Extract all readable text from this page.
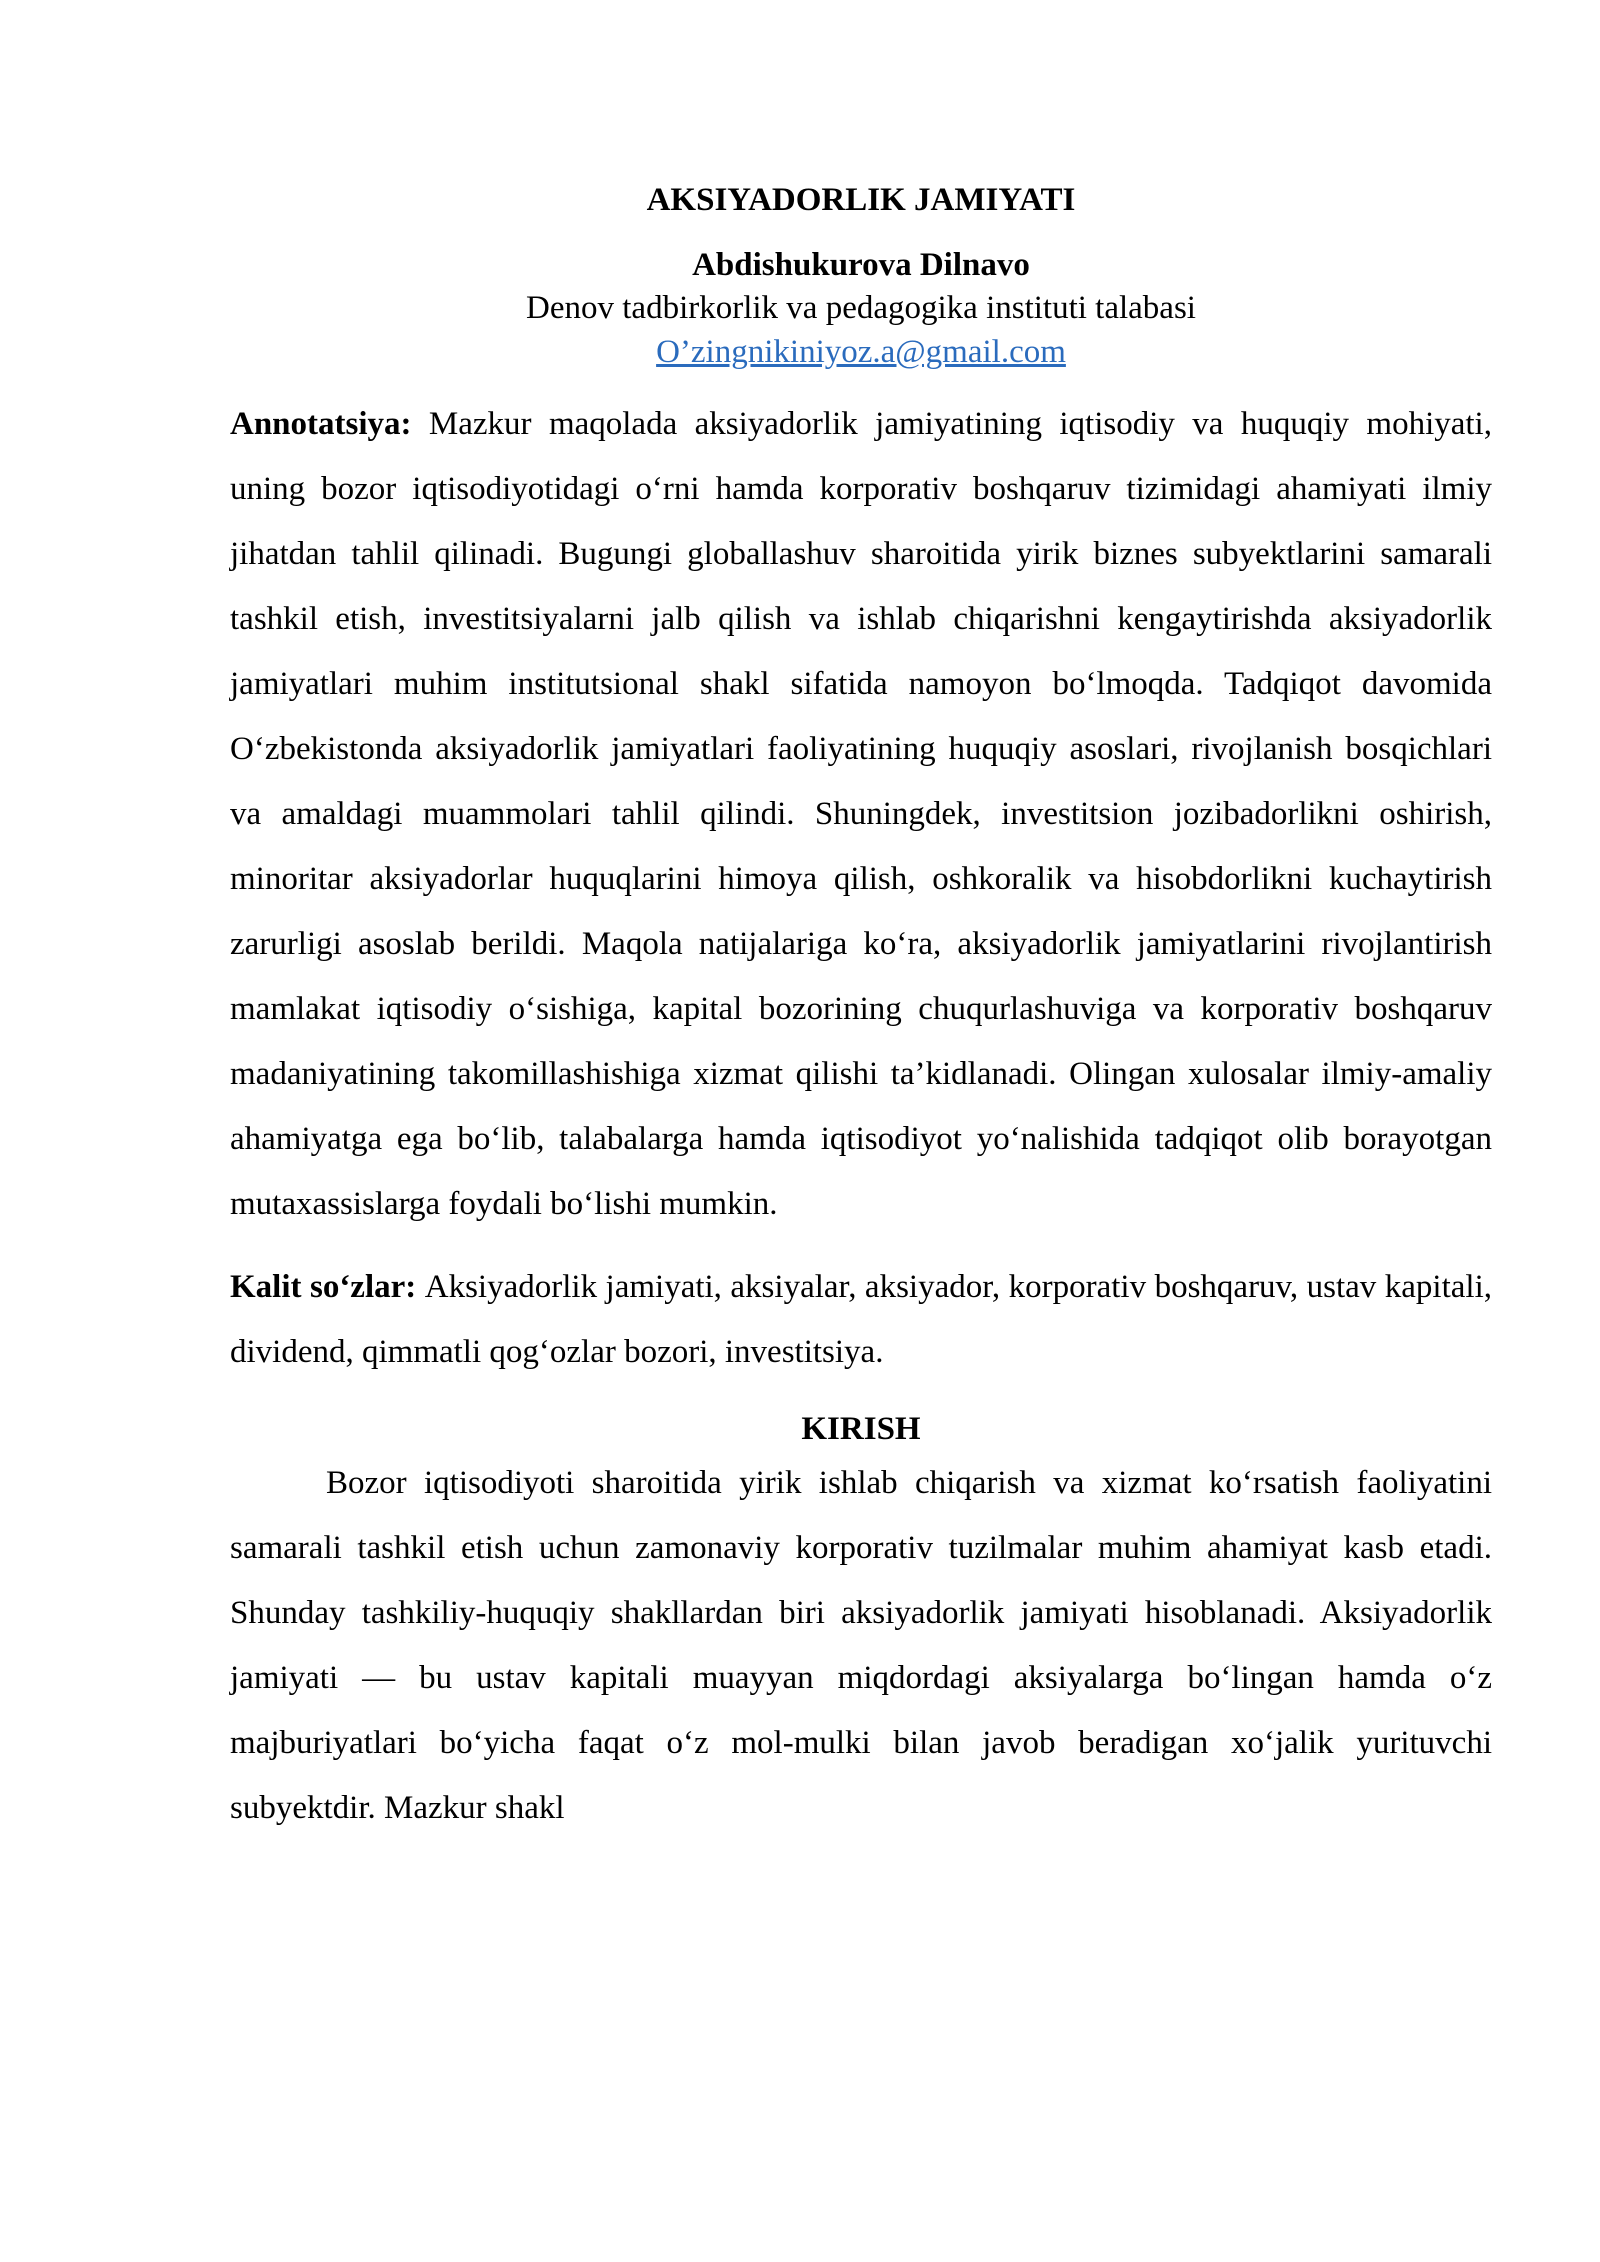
AKSIYADORLIK JAMIYATI

Abdishukurova Dilnavo

Denov tadbirkorlik va pedagogika instituti talabasi

O’zingnikiniyoz.a@gmail.com

Annotatsiya: Mazkur maqolada aksiyadorlik jamiyatining iqtisodiy va huquqiy mohiyati, uning bozor iqtisodiyotidagi o‘rni hamda korporativ boshqaruv tizimidagi ahamiyati ilmiy jihatdan tahlil qilinadi. Bugungi globallashuv sharoitida yirik biznes subyektlarini samarali tashkil etish, investitsiyalarni jalb qilish va ishlab chiqarishni kengaytirishda aksiyadorlik jamiyatlari muhim institutsional shakl sifatida namoyon bo‘lmoqda. Tadqiqot davomida O‘zbekistonda aksiyadorlik jamiyatlari faoliyatining huquqiy asoslari, rivojlanish bosqichlari va amaldagi muammolari tahlil qilindi. Shuningdek, investitsion jozibadorlikni oshirish, minoritar aksiyadorlar huquqlarini himoya qilish, oshkoralik va hisobdorlikni kuchaytirish zarurligi asoslab berildi. Maqola natijalariga ko‘ra, aksiyadorlik jamiyatlarini rivojlantirish mamlakat iqtisodiy o‘sishiga, kapital bozorining chuqurlashuviga va korporativ boshqaruv madaniyatining takomillashishiga xizmat qilishi ta’kidlanadi. Olingan xulosalar ilmiy-amaliy ahamiyatga ega bo‘lib, talabalarga hamda iqtisodiyot yo‘nalishida tadqiqot olib borayotgan mutaxassislarga foydali bo‘lishi mumkin.

Kalit so‘zlar: Aksiyadorlik jamiyati, aksiyalar, aksiyador, korporativ boshqaruv, ustav kapitali, dividend, qimmatli qog‘ozlar bozori, investitsiya.

KIRISH

Bozor iqtisodiyoti sharoitida yirik ishlab chiqarish va xizmat ko‘rsatish faoliyatini samarali tashkil etish uchun zamonaviy korporativ tuzilmalar muhim ahamiyat kasb etadi. Shunday tashkiliy-huquqiy shakllardan biri aksiyadorlik jamiyati hisoblanadi. Aksiyadorlik jamiyati — bu ustav kapitali muayyan miqdordagi aksiyalarga bo‘lingan hamda o‘z majburiyatlari bo‘yicha faqat o‘z mol-mulki bilan javob beradigan xo‘jalik yurituvchi subyektdir. Mazkur shakl
